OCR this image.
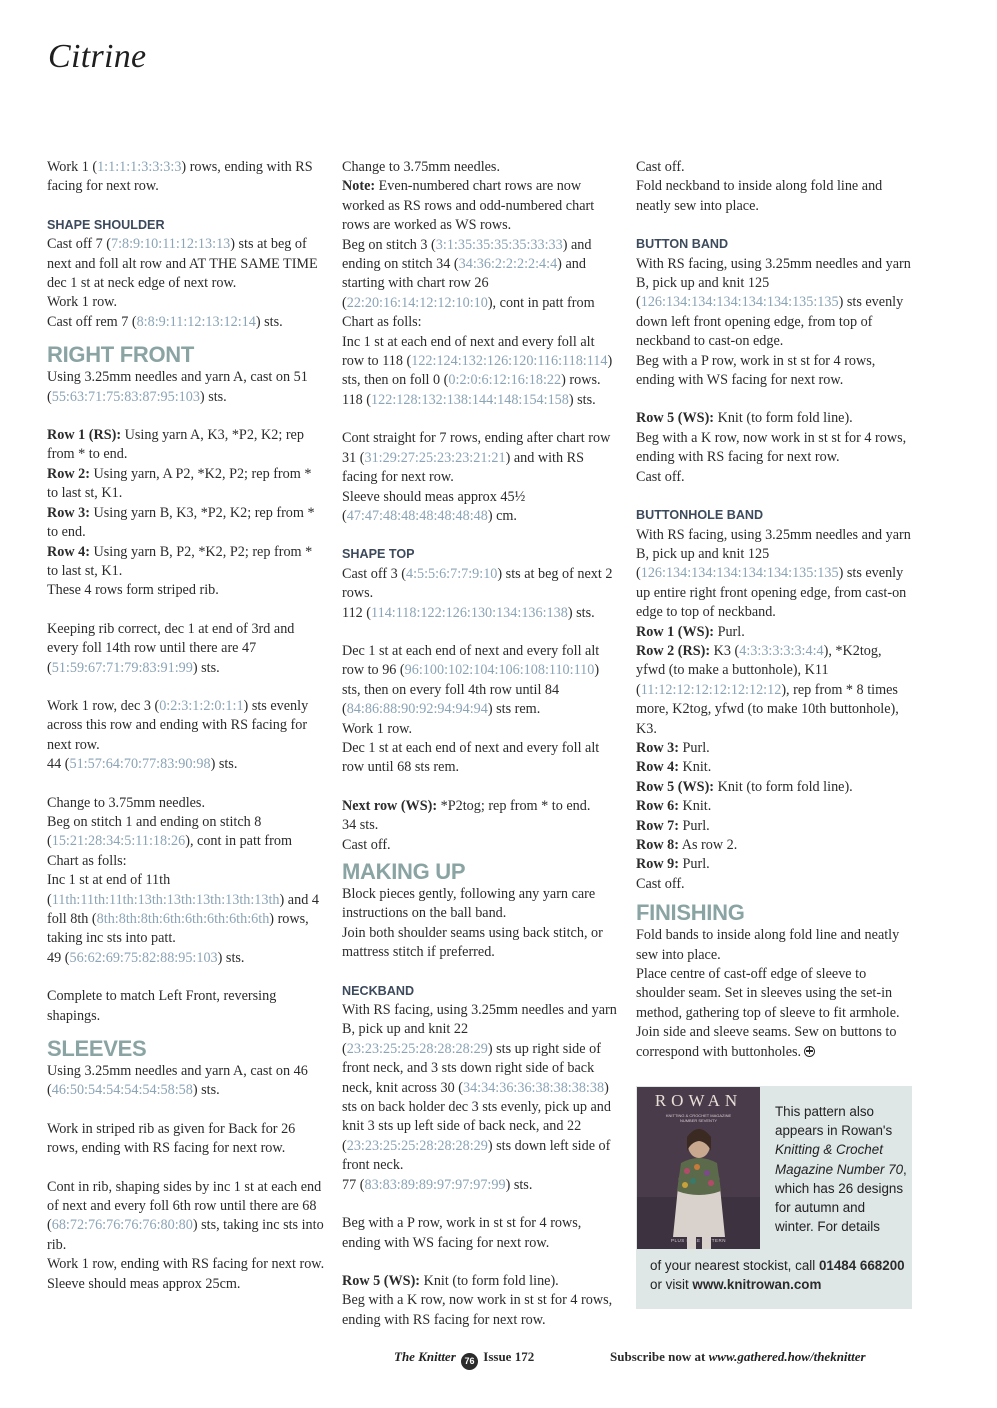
Citrine

Work 1 (1:1:1:1:3:3:3:3) rows, ending with RS facing for next row.

SHAPE SHOULDER

Cast off 7 (7:8:9:10:11:12:13:13) sts at beg of next and foll alt row and AT THE SAME TIME dec 1 st at neck edge of next row.

Work 1 row.

Cast off rem 7 (8:8:9:11:12:13:12:14) sts.

RIGHT FRONT

Using 3.25mm needles and yarn A, cast on 51 (55:63:71:75:83:87:95:103) sts.

Row 1 (RS): Using yarn A, K3, *P2, K2; rep from * to end.

Row 2: Using yarn, A P2, *K2, P2; rep from * to last st, K1.

Row 3: Using yarn B, K3, *P2, K2; rep from * to end.

Row 4: Using yarn B, P2, *K2, P2; rep from * to last st, K1.

These 4 rows form striped rib.

Keeping rib correct, dec 1 at end of 3rd and every foll 14th row until there are 47 (51:59:67:71:79:83:91:99) sts.

Work 1 row, dec 3 (0:2:3:1:2:0:1:1) sts evenly across this row and ending with RS facing for next row.

44 (51:57:64:70:77:83:90:98) sts.

Change to 3.75mm needles.

Beg on stitch 1 and ending on stitch 8 (15:21:28:34:5:11:18:26), cont in patt from Chart as folls:

Inc 1 st at end of 11th (11th:11th:11th:13th:13th:13th:13th:13th) and 4 foll 8th (8th:8th:8th:6th:6th:6th:6th:6th) rows, taking inc sts into patt.

49 (56:62:69:75:82:88:95:103) sts.

Complete to match Left Front, reversing shapings.

SLEEVES

Using 3.25mm needles and yarn A, cast on 46 (46:50:54:54:54:54:58:58) sts.

Work in striped rib as given for Back for 26 rows, ending with RS facing for next row.

Cont in rib, shaping sides by inc 1 st at each end of next and every foll 6th row until there are 68 (68:72:76:76:76:76:80:80) sts, taking inc sts into rib.

Work 1 row, ending with RS facing for next row.

Sleeve should meas approx 25cm.

Change to 3.75mm needles.

Note: Even-numbered chart rows are now worked as RS rows and odd-numbered chart rows are worked as WS rows.

Beg on stitch 3 (3:1:35:35:35:35:33:33) and ending on stitch 34 (34:36:2:2:2:2:4:4) and starting with chart row 26 (22:20:16:14:12:12:10:10), cont in patt from Chart as folls:

Inc 1 st at each end of next and every foll alt row to 118 (122:124:132:126:120:116:118:114) sts, then on foll 0 (0:2:0:6:12:16:18:22) rows.

118 (122:128:132:138:144:148:154:158) sts.

Cont straight for 7 rows, ending after chart row 31 (31:29:27:25:23:23:21:21) and with RS facing for next row.

Sleeve should meas approx 45½ (47:47:48:48:48:48:48:48) cm.

SHAPE TOP

Cast off 3 (4:5:5:6:7:7:9:10) sts at beg of next 2 rows.

112 (114:118:122:126:130:134:136:138) sts.

Dec 1 st at each end of next and every foll alt row to 96 (96:100:102:104:106:108:110:110) sts, then on every foll 4th row until 84 (84:86:88:90:92:94:94:94) sts rem.

Work 1 row.

Dec 1 st at each end of next and every foll alt row until 68 sts rem.

Next row (WS): *P2tog; rep from * to end.

34 sts.

Cast off.

MAKING UP

Block pieces gently, following any yarn care instructions on the ball band.

Join both shoulder seams using back stitch, or mattress stitch if preferred.

NECKBAND

With RS facing, using 3.25mm needles and yarn B, pick up and knit 22 (23:23:25:25:28:28:28:29) sts up right side of front neck, and 3 sts down right side of back neck, knit across 30 (34:34:36:36:38:38:38:38) sts on back holder dec 3 sts evenly, pick up and knit 3 sts up left side of back neck, and 22 (23:23:25:25:28:28:28:29) sts down left side of front neck.

77 (83:83:89:89:97:97:97:99) sts.

Beg with a P row, work in st st for 4 rows, ending with WS facing for next row.

Row 5 (WS): Knit (to form fold line).

Beg with a K row, now work in st st for 4 rows, ending with RS facing for next row.

Cast off.

Fold neckband to inside along fold line and neatly sew into place.

BUTTON BAND

With RS facing, using 3.25mm needles and yarn B, pick up and knit 125 (126:134:134:134:134:134:135:135) sts evenly down left front opening edge, from top of neckband to cast-on edge.

Beg with a P row, work in st st for 4 rows, ending with WS facing for next row.

Row 5 (WS): Knit (to form fold line).

Beg with a K row, now work in st st for 4 rows, ending with RS facing for next row.

Cast off.

BUTTONHOLE BAND

With RS facing, using 3.25mm needles and yarn B, pick up and knit 125 (126:134:134:134:134:134:135:135) sts evenly up entire right front opening edge, from cast-on edge to top of neckband.

Row 1 (WS): Purl.

Row 2 (RS): K3 (4:3:3:3:3:3:4:4), *K2tog, yfwd (to make a buttonhole), K11 (11:12:12:12:12:12:12:12), rep from * 8 times more, K2tog, yfwd (to make 10th buttonhole), K3.

Row 3: Purl.

Row 4: Knit.

Row 5 (WS): Knit (to form fold line).

Row 6: Knit.

Row 7: Purl.

Row 8: As row 2.

Row 9: Purl.

Cast off.

FINISHING

Fold bands to inside along fold line and neatly sew into place.

Place centre of cast-off edge of sleeve to shoulder seam. Set in sleeves using the set-in method, gathering top of sleeve to fit armhole.

Join side and sleeve seams. Sew on buttons to correspond with buttonholes.

ROWAN
KNITTING & CROCHET MAGAZINE NUMBER SEVENTY
PLUS FREE PATTERN
This pattern also appears in Rowan's Knitting & Crochet Magazine Number 70, which has 26 designs for autumn and winter. For details
of your nearest stockist, call 01484 668200 or visit www.knitrowan.com
The Knitter 76 Issue 172	Subscribe now at www.gathered.how/theknitter
